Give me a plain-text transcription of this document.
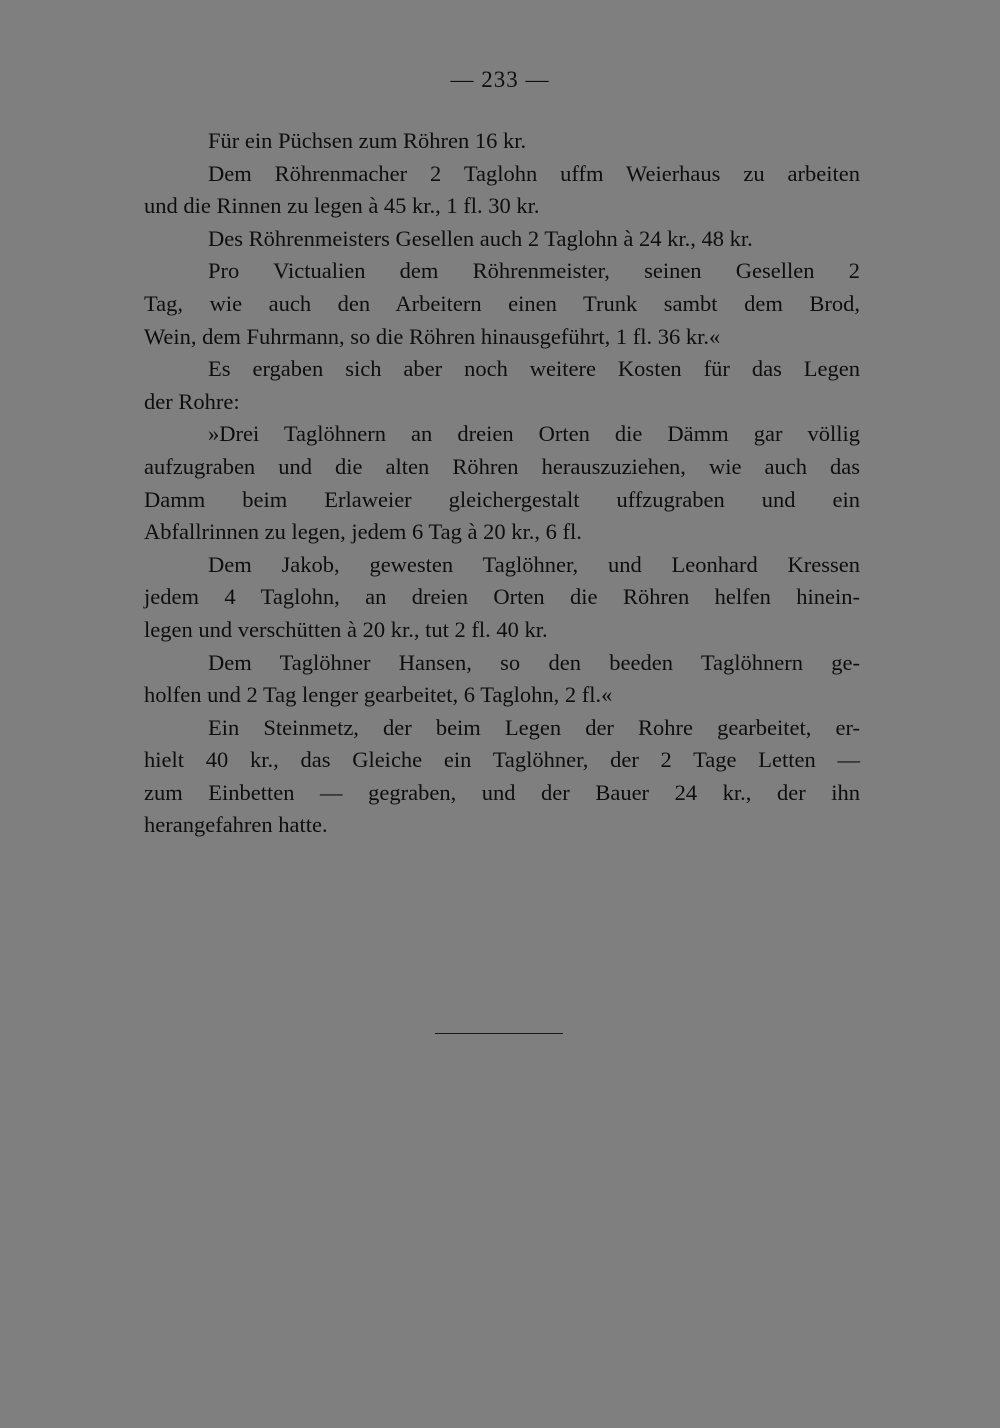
— 233 —
Für ein Püchsen zum Röhren 16 kr.
Dem Röhrenmacher 2 Taglohn uffm Weierhaus zu arbeiten
und die Rinnen zu legen à 45 kr., 1 fl. 30 kr.
Des Röhrenmeisters Gesellen auch 2 Taglohn à 24 kr., 48 kr.
Pro Victualien dem Röhrenmeister, seinen Gesellen 2
Tag, wie auch den Arbeitern einen Trunk sambt dem Brod,
Wein, dem Fuhrmann, so die Röhren hinausgeführt, 1 fl. 36 kr.«
Es ergaben sich aber noch weitere Kosten für das Legen
der Rohre:
»Drei Taglöhnern an dreien Orten die Dämm gar völlig
aufzugraben und die alten Röhren herauszuziehen, wie auch das
Damm beim Erlaweier gleichergestalt uffzugraben und ein
Abfallrinnen zu legen, jedem 6 Tag à 20 kr., 6 fl.
Dem Jakob, gewesten Taglöhner, und Leonhard Kressen
jedem 4 Taglohn, an dreien Orten die Röhren helfen hinein-
legen und verschütten à 20 kr., tut 2 fl. 40 kr.
Dem Taglöhner Hansen, so den beeden Taglöhnern ge-
holfen und 2 Tag lenger gearbeitet, 6 Taglohn, 2 fl.«
Ein Steinmetz, der beim Legen der Rohre gearbeitet, er-
hielt 40 kr., das Gleiche ein Taglöhner, der 2 Tage Letten —
zum Einbetten — gegraben, und der Bauer 24 kr., der ihn
herangefahren hatte.
